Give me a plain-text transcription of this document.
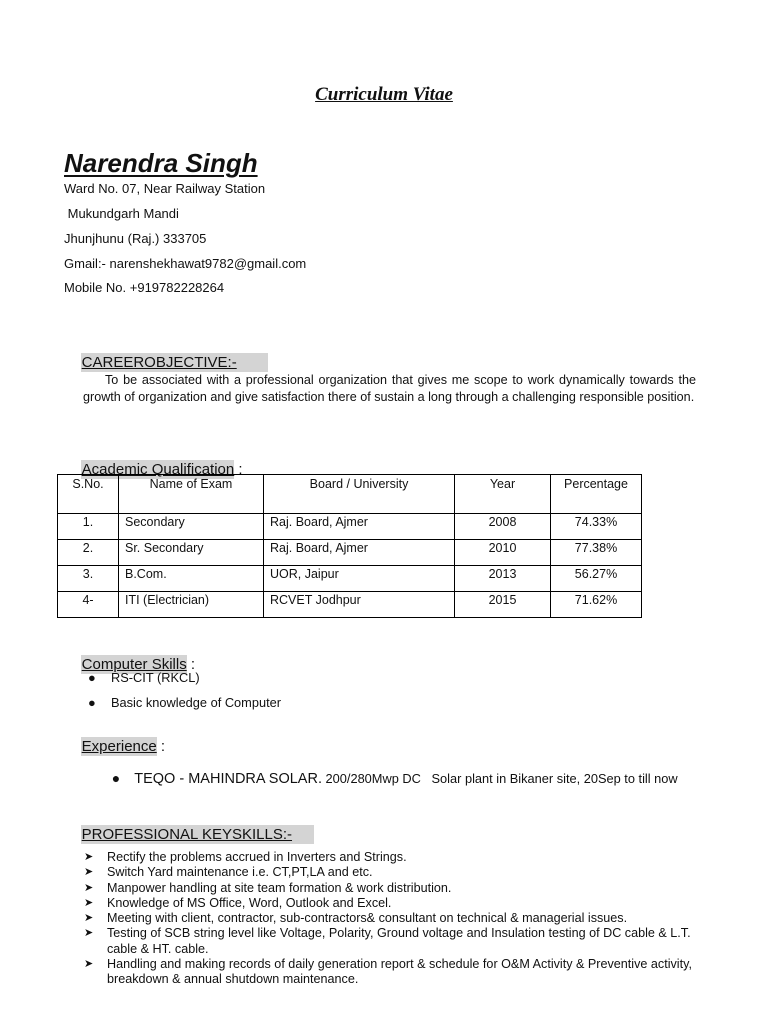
Curriculum Vitae
Narendra Singh
Ward No. 07, Near Railway Station
Mukundgarh Mandi
Jhunjhunu (Raj.) 333705
Gmail:- narenshekhawat9782@gmail.com
Mobile No. +919782228264

CAREEROBJECTIVE:-

To be associated with a professional organization that gives me scope to work dynamically towards the growth of organization and give satisfaction there of sustain a long through a challenging responsible position.

Academic Qualification :

S.No.	Name of Exam	Board / University	Year	Percentage
1.	Secondary	Raj. Board, Ajmer	2008	74.33%
2.	Sr. Secondary	Raj. Board, Ajmer	2010	77.38%
3.	B.Com.	UOR, Jaipur	2013	56.27%
4-	ITI (Electrician)	RCVET Jodhpur	2015	71.62%

Computer Skills :

●

RS-CIT (RKCL)

●

Basic knowledge of Computer

Experience :

● TEQO - MAHINDRA SOLAR. 200/280Mwp DC   Solar plant in Bikaner site, 20Sep to till now

PROFESSIONAL KEYSKILLS:-

➤ Rectify the problems accrued in Inverters and Strings.
➤ Switch Yard maintenance i.e. CT,PT,LA and etc.
➤ Manpower handling at site team formation & work distribution.
➤ Knowledge of MS Office, Word, Outlook and Excel.
➤ Meeting with client, contractor, sub-contractors& consultant on technical & managerial issues.
➤ Testing of SCB string level like Voltage, Polarity, Ground voltage and Insulation testing of DC cable & L.T. cable & HT. cable.
➤ Handling and making records of daily generation report & schedule for O&M Activity & Preventive activity, breakdown & annual shutdown maintenance.
